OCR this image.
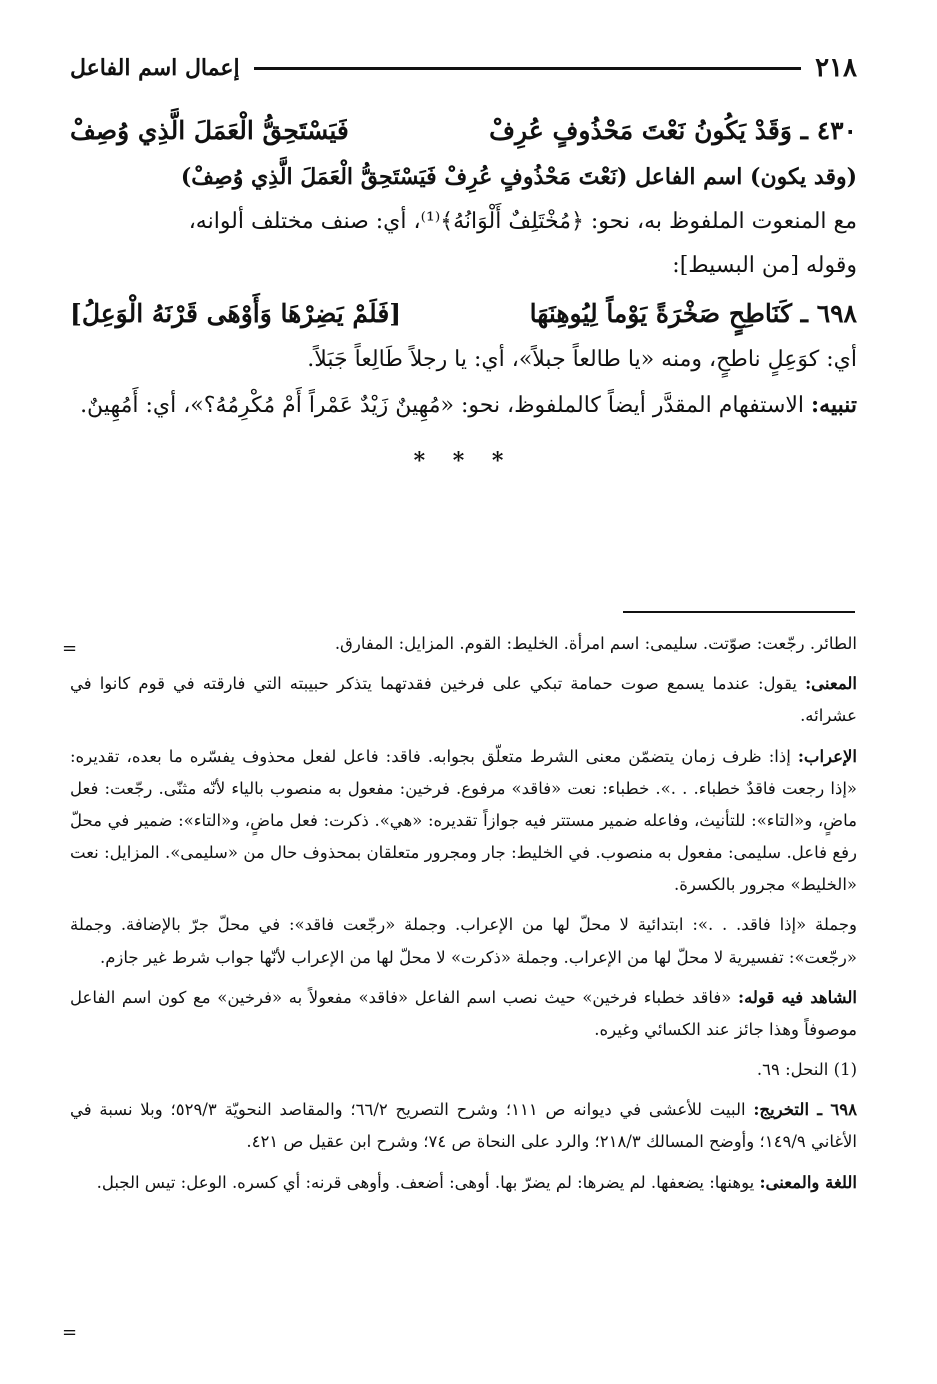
٢١٨
إعمال اسم الفاعل
٤٣٠ ـ وَقَدْ يَكُونُ نَعْتَ مَحْذُوفٍ عُرِفْ
فَيَسْتَحِقُّ الْعَمَلَ الَّذِي وُصِفْ
(وقد يكون) اسم الفاعل (نَعْتَ مَحْذُوفٍ عُرِفْ فَيَسْتَحِقُّ الْعَمَلَ الَّذِي وُصِفْ)
مع المنعوت الملفوظ به، نحو: ﴿مُخْتَلِفٌ أَلْوَانُهُ﴾⁽¹⁾، أي: صنف مختلف ألوانه،
وقوله [من البسيط]:
٦٩٨ ـ كَنَاطِحٍ صَخْرَةً يَوْماً لِيُوهِنَهَا
[فَلَمْ يَضِرْهَا وَأَوْهَى قَرْنَهُ الْوَعِلُ]
أي: كوَعِلٍ ناطحٍ، ومنه «يا طالعاً جبلاً»، أي: يا رجلاً طَالِعاً جَبَلاً.
تنبيه: الاستفهام المقدَّر أيضاً كالملفوظ، نحو: «مُهِينٌ زَيْدٌ عَمْراً أَمْ مُكْرِمُهُ؟»، أي: أَمُهِينٌ.
* * *
=	الطائر. رجّعت: صوّتت. سليمى: اسم امرأة. الخليط: القوم. المزايل: المفارق.

المعنى: يقول: عندما يسمع صوت حمامة تبكي على فرخين فقدتهما يتذكر حبيبته التي فارقته في قوم كانوا في عشرائه.

الإعراب: إذا: ظرف زمان يتضمّن معنى الشرط متعلّق بجوابه. فاقد: فاعل لفعل محذوف يفسّره ما بعده، تقديره: «إذا رجعت فاقدٌ خطباء. . .». خطباء: نعت «فاقد» مرفوع. فرخين: مفعول به منصوب بالياء لأنّه مثنّى. رجّعت: فعل ماضٍ، و«التاء»: للتأنيث، وفاعله ضمير مستتر فيه جوازاً تقديره: «هي». ذكرت: فعل ماضٍ، و«التاء»: ضمير في محلّ رفع فاعل. سليمى: مفعول به منصوب. في الخليط: جار ومجرور متعلقان بمحذوف حال من «سليمى». المزايل: نعت «الخليط» مجرور بالكسرة.

وجملة «إذا فاقد. . .»: ابتدائية لا محلّ لها من الإعراب. وجملة «رجّعت فاقد»: في محلّ جرّ بالإضافة. وجملة «رجّعت»: تفسيرية لا محلّ لها من الإعراب. وجملة «ذكرت» لا محلّ لها من الإعراب لأنّها جواب شرط غير جازم.

الشاهد فيه قوله: «فاقد خطباء فرخين» حيث نصب اسم الفاعل «فاقد» مفعولاً به «فرخين» مع كون اسم الفاعل موصوفاً وهذا جائز عند الكسائي وغيره.

(1) النحل: ٦٩.

٦٩٨ ـ التخريج: البيت للأعشى في ديوانه ص ١١١؛ وشرح التصريح ٦٦/٢؛ والمقاصد النحويّة ٥٢٩/٣؛ وبلا نسبة في الأغاني ١٤٩/٩؛ وأوضح المسالك ٢١٨/٣؛ والرد على النحاة ص ٧٤؛ وشرح ابن عقيل ص ٤٢١.

اللغة والمعنى: يوهنها: يضعفها. لم يضرها: لم يضرّ بها. أوهى: أضعف. وأوهى قرنه: أي كسره. الوعل: تيس الجبل.

=
